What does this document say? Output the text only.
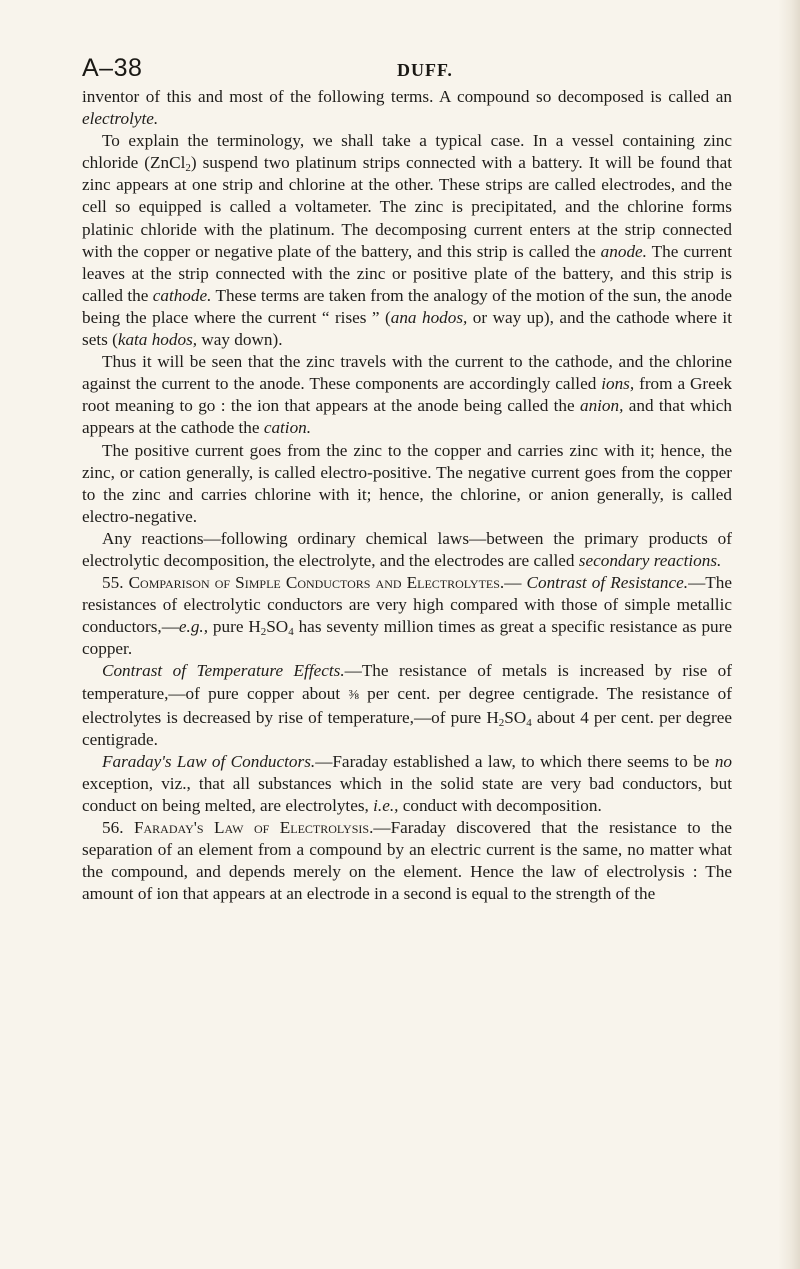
A–38	DUFF.

inventor of this and most of the following terms. A compound so decomposed is called an electrolyte.

To explain the terminology, we shall take a typical case. In a vessel containing zinc chloride (ZnCl$_2$) suspend two platinum strips connected with a battery. It will be found that zinc appears at one strip and chlorine at the other. These strips are called electrodes, and the cell so equipped is called a voltameter. The zinc is precipitated, and the chlorine forms platinic chloride with the platinum. The decomposing current enters at the strip connected with the copper or negative plate of the battery, and this strip is called the anode. The current leaves at the strip connected with the zinc or positive plate of the battery, and this strip is called the cathode. These terms are taken from the analogy of the motion of the sun, the anode being the place where the current “ rises ” (ana hodos, or way up), and the cathode where it sets (kata hodos, way down).

Thus it will be seen that the zinc travels with the current to the cathode, and the chlorine against the current to the anode. These components are accordingly called ions, from a Greek root meaning to go : the ion that appears at the anode being called the anion, and that which appears at the cathode the cation.

The positive current goes from the zinc to the copper and carries zinc with it; hence, the zinc, or cation generally, is called electro-positive. The negative current goes from the copper to the zinc and carries chlorine with it; hence, the chlorine, or anion generally, is called electro-negative.

Any reactions—following ordinary chemical laws—between the primary products of electrolytic decomposition, the electrolyte, and the electrodes are called secondary reactions.

55. Comparison of Simple Conductors and Electrolytes.— Contrast of Resistance.—The resistances of electrolytic conductors are very high compared with those of simple metallic conductors,—e.g., pure $H_2SO_4$ has seventy million times as great a specific resistance as pure copper.

Contrast of Temperature Effects.—The resistance of metals is increased by rise of temperature,—of pure copper about ⅜ per cent. per degree centigrade. The resistance of electrolytes is decreased by rise of temperature,—of pure $H_2SO_4$ about 4 per cent. per degree centigrade.

Faraday's Law of Conductors.—Faraday established a law, to which there seems to be no exception, viz., that all substances which in the solid state are very bad conductors, but conduct on being melted, are electrolytes, i.e., conduct with decomposition.

56. Faraday's Law of Electrolysis.—Faraday discovered that the resistance to the separation of an element from a compound by an electric current is the same, no matter what the compound, and depends merely on the element. Hence the law of electrolysis : The amount of ion that appears at an electrode in a second is equal to the strength of the
